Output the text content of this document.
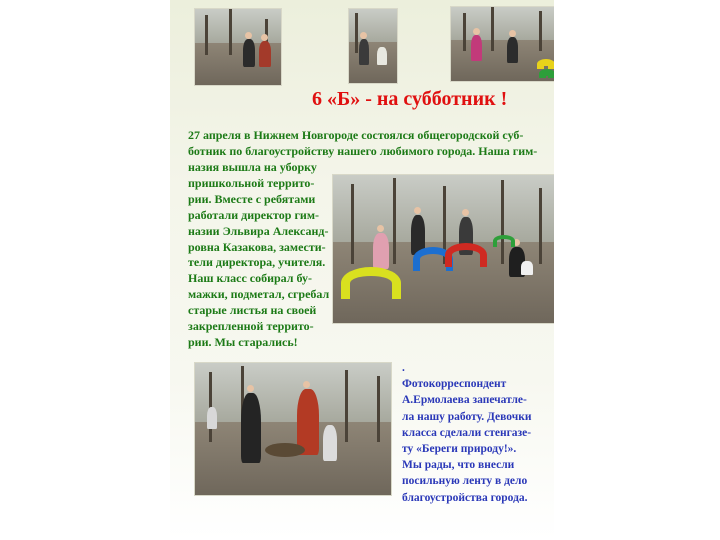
6 «Б» - на субботник !
27 апреля в Нижнем Новгороде состоялся общегородской суб-
ботник по благоустройству нашего любимого города. Наша гим-
назия вышла на уборку
пришкольной террито-
рии. Вместе с ребятами
работали директор гим-
назии Эльвира Александ-
ровна Казакова, замести-
тели директора, учителя.
Наш класс собирал бу-
мажки, подметал, сгребал
старые листья на своей
закрепленной террито-
рии. Мы старались!
.
Фотокорреспондент
А.Ермолаева запечатле-
ла нашу работу. Девочки
класса сделали стенгазе-
ту «Береги природу!».
Мы рады, что внесли
посильную ленту в дело
благоустройства города.
